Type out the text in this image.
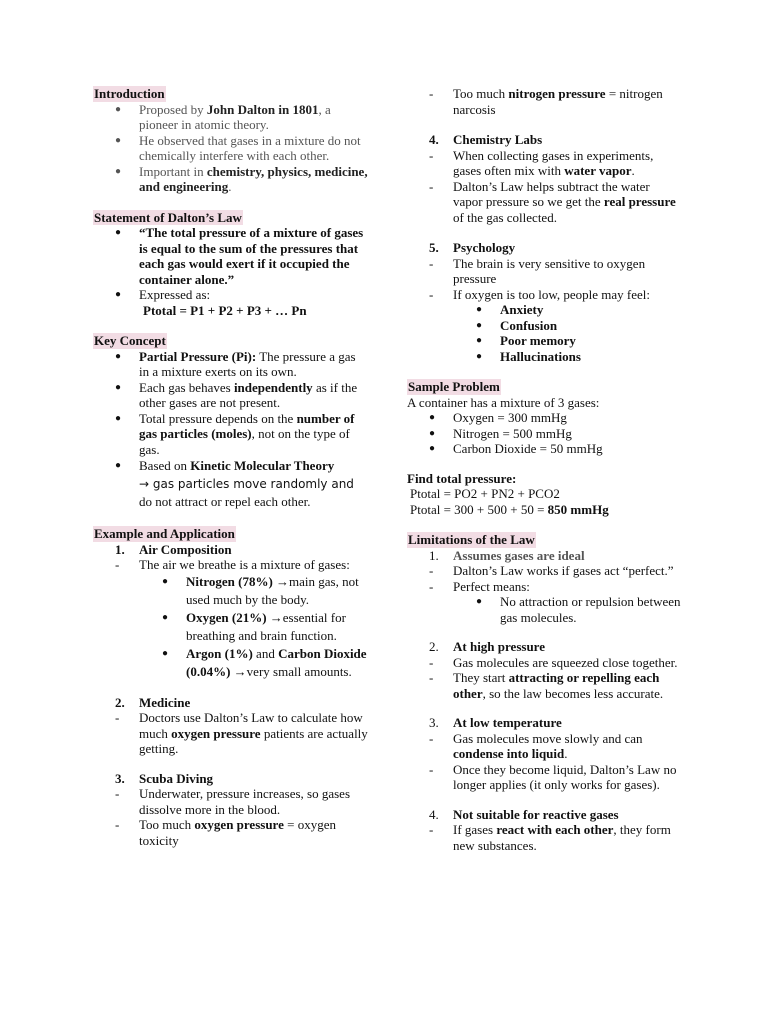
Introduction
● Proposed by John Dalton in 1801, a pioneer in atomic theory.
● He observed that gases in a mixture do not chemically interfere with each other.
● Important in chemistry, physics, medicine, and engineering.
Statement of Dalton’s Law
● “The total pressure of a mixture of gases is equal to the sum of the pressures that each gas would exert if it occupied the container alone.”
● Expressed as:
Ptotal = P1 + P2 + P3 + … Pn
Key Concept
● Partial Pressure (Pi): The pressure a gas in a mixture exerts on its own.
● Each gas behaves independently as if the other gases are not present.
● Total pressure depends on the number of gas particles (moles), not on the type of gas.
● Based on Kinetic Molecular Theory
→ gas particles move randomly and
do not attract or repel each other.
Example and Application
1. Air Composition
- The air we breathe is a mixture of gases:
● Nitrogen (78%) →main gas, not used much by the body.
● Oxygen (21%) →essential for breathing and brain function.
● Argon (1%) and Carbon Dioxide (0.04%) →very small amounts.
2. Medicine
- Doctors use Dalton’s Law to calculate how much oxygen pressure patients are actually getting.
3. Scuba Diving
- Underwater, pressure increases, so gases dissolve more in the blood.
- Too much oxygen pressure = oxygen toxicity
- Too much nitrogen pressure = nitrogen narcosis
4. Chemistry Labs
- When collecting gases in experiments, gases often mix with water vapor.
- Dalton’s Law helps subtract the water vapor pressure so we get the real pressure of the gas collected.
5. Psychology
- The brain is very sensitive to oxygen pressure
- If oxygen is too low, people may feel:
● Anxiety
● Confusion
● Poor memory
● Hallucinations
Sample Problem
A container has a mixture of 3 gases:
● Oxygen = 300 mmHg
● Nitrogen = 500 mmHg
● Carbon Dioxide = 50 mmHg
Find total pressure:
Ptotal = PO2 + PN2 + PCO2
Ptotal = 300 + 500 + 50 = 850 mmHg
Limitations of the Law
1. Assumes gases are ideal
- Dalton’s Law works if gases act “perfect.”
- Perfect means:
● No attraction or repulsion between gas molecules.
2. At high pressure
- Gas molecules are squeezed close together.
- They start attracting or repelling each other, so the law becomes less accurate.
3. At low temperature
- Gas molecules move slowly and can condense into liquid.
- Once they become liquid, Dalton’s Law no longer applies (it only works for gases).
4. Not suitable for reactive gases
- If gases react with each other, they form new substances.
